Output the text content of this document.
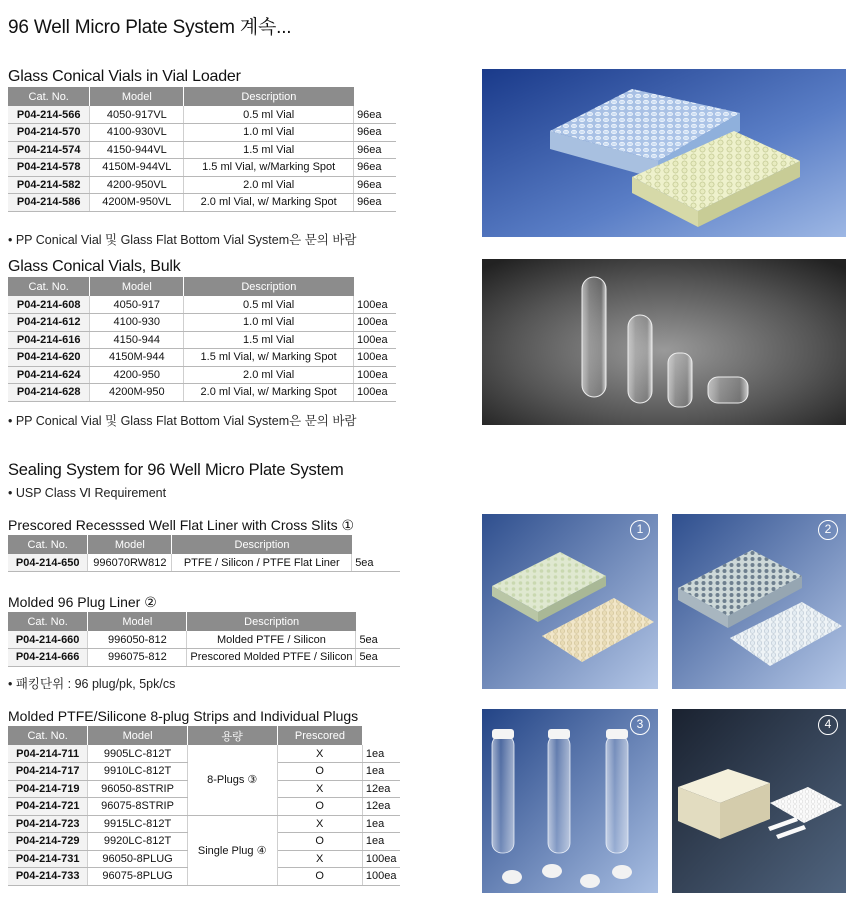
96 Well Micro Plate System 계속...
Glass Conical Vials in Vial Loader
Cat. No.	Model	Description	
P04-214-566	4050-917VL	0.5 ml Vial	96ea
P04-214-570	4100-930VL	1.0 ml Vial	96ea
P04-214-574	4150-944VL	1.5 ml Vial	96ea
P04-214-578	4150M-944VL	1.5 ml Vial, w/Marking Spot	96ea
P04-214-582	4200-950VL	2.0 ml Vial	96ea
P04-214-586	4200M-950VL	2.0 ml Vial, w/ Marking Spot	96ea
• PP Conical Vial 및 Glass Flat Bottom Vial System은 문의 바람
Glass Conical Vials, Bulk
Cat. No.	Model	Description	
P04-214-608	4050-917	0.5 ml Vial	100ea
P04-214-612	4100-930	1.0 ml Vial	100ea
P04-214-616	4150-944	1.5 ml Vial	100ea
P04-214-620	4150M-944	1.5 ml Vial, w/ Marking Spot	100ea
P04-214-624	4200-950	2.0 ml Vial	100ea
P04-214-628	4200M-950	2.0 ml Vial, w/ Marking Spot	100ea
• PP Conical Vial 및 Glass Flat Bottom Vial System은 문의 바람
Sealing System for 96 Well Micro Plate System
• USP Class Ⅵ Requirement
Prescored Recesssed Well Flat Liner with Cross Slits ①
Cat. No.	Model	Description	
P04-214-650	996070RW812	PTFE / Silicon / PTFE Flat Liner	5ea
Molded 96 Plug Liner ②
Cat. No.	Model	Description	
P04-214-660	996050-812	Molded PTFE / Silicon	5ea
P04-214-666	996075-812	Prescored Molded PTFE / Silicon	5ea
• 패킹단위 : 96 plug/pk, 5pk/cs
Molded PTFE/Silicone 8-plug Strips and Individual Plugs
Cat. No.	Model	용량	Prescored	
P04-214-711	9905LC-812T	8-Plugs ③	X	1ea
P04-214-717	9910LC-812T		O	1ea
P04-214-719	96050-8STRIP		X	12ea
P04-214-721	96075-8STRIP		O	12ea
P04-214-723	9915LC-812T	Single Plug ④	X	1ea
P04-214-729	9920LC-812T		O	1ea
P04-214-731	96050-8PLUG		X	100ea
P04-214-733	96075-8PLUG		O	100ea
1	2
3	4
